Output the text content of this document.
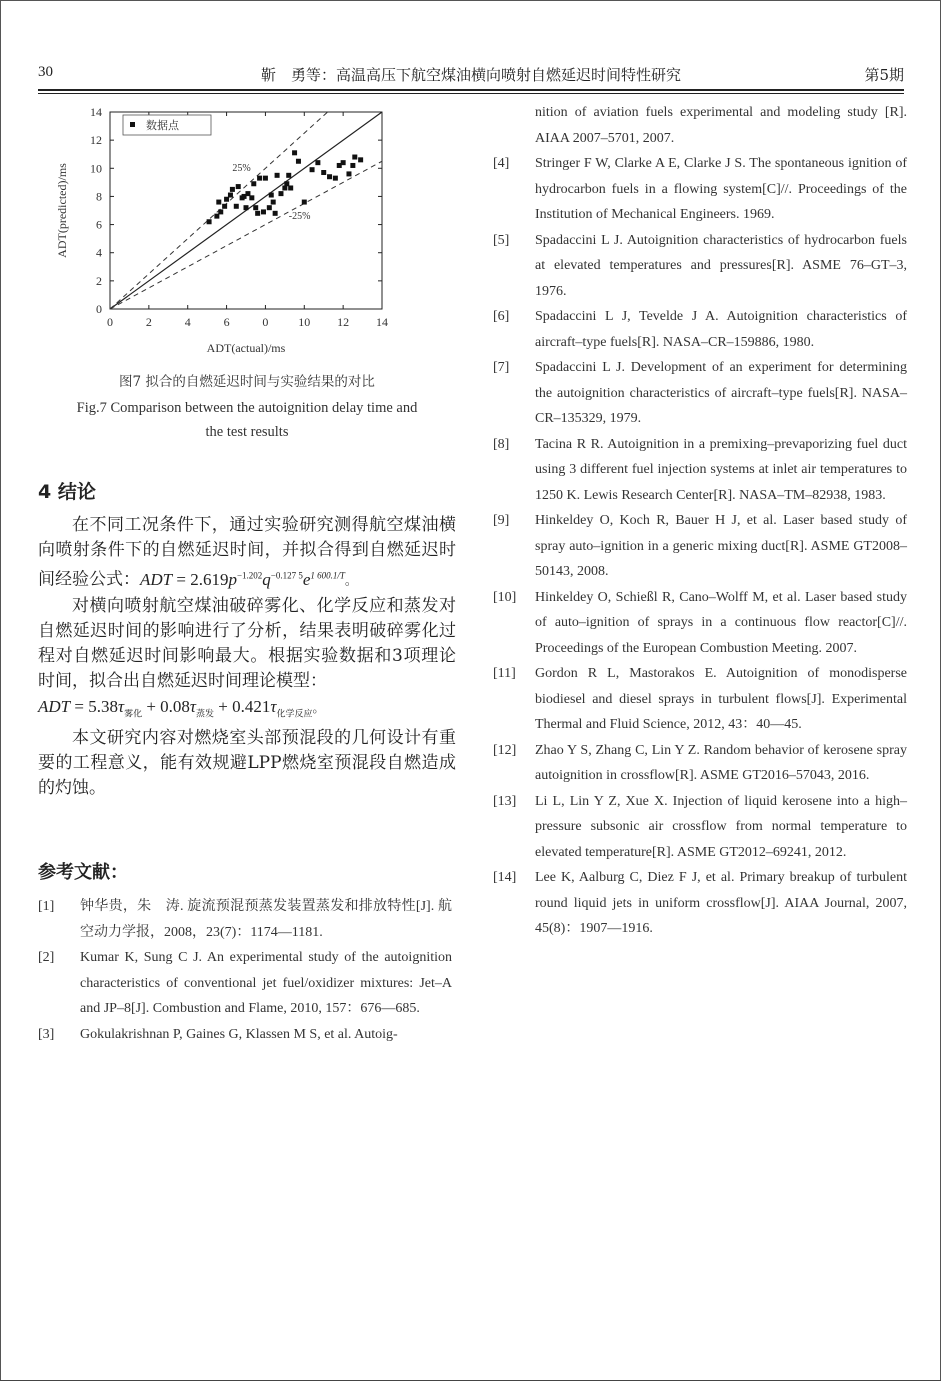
30	靳　勇等：高温高压下航空煤油横向喷射自燃延迟时间特性研究	第5期
0	2	4	6	0 10 12 14
0
2
4
6
8
10
12
14
数据点
25%
-25%
ADT(actual)/ms
ADT(predicted)/ms
图7 拟合的自燃延迟时间与实验结果的对比
Fig.7 Comparison between the autoignition delay time and
the test results
4 结论

在不同工况条件下，通过实验研究测得航空煤油横向喷射条件下的自燃延迟时间，并拟合得到自燃延迟时间经验公式：ADT = $2.619p^{-1.202}q^{-0.127 5}e^{1 600.1/T}$。

对横向喷射航空煤油破碎雾化、化学反应和蒸发对自燃延迟时间的影响进行了分析，结果表明破碎雾化过程对自燃延迟时间影响最大。根据实验数据和3项理论时间，拟合出自燃延迟时间理论模型：

ADT = $5.38\tau_{雾化} + 0.08\tau_{蒸发} + 0.421\tau_{化学反应}$。

本文研究内容对燃烧室头部预混段的几何设计有重要的工程意义，能有效规避LPP燃烧室预混段自燃造成的灼蚀。

参考文献：
[1] 钟华贵，朱　涛. 旋流预混预蒸发装置蒸发和排放特性[J]. 航空动力学报，2008，23(7)：1174—1181.
[2] Kumar K, Sung C J. An experimental study of the autoignition characteristics of conventional jet fuel/oxidizer mixtures: Jet–A and JP–8[J]. Combustion and Flame, 2010, 157：676—685.
[3] Gokulakrishnan P, Gaines G, Klassen M S, et al. Autoig-
nition of aviation fuels experimental and modeling study [R]. AIAA 2007–5701, 2007.
[4] Stringer F W, Clarke A E, Clarke J S. The spontaneous ignition of hydrocarbon fuels in a flowing system[C]//. Proceedings of the Institution of Mechanical Engineers. 1969.
[5] Spadaccini L J. Autoignition characteristics of hydrocarbon fuels at elevated temperatures and pressures[R]. ASME 76–GT–3, 1976.
[6] Spadaccini L J, Tevelde J A. Autoignition characteristics of aircraft–type fuels[R]. NASA–CR–159886, 1980.
[7] Spadaccini L J. Development of an experiment for determining the autoignition characteristics of aircraft–type fuels[R]. NASA–CR–135329, 1979.
[8] Tacina R R. Autoignition in a premixing–prevaporizing fuel duct using 3 different fuel injection systems at inlet air temperatures to 1250 K. Lewis Research Center[R]. NASA–TM–82938, 1983.
[9] Hinkeldey O, Koch R, Bauer H J, et al. Laser based study of spray auto–ignition in a generic mixing duct[R]. ASME GT2008–50143, 2008.
[10] Hinkeldey O, Schießl R, Cano–Wolff M, et al. Laser based study of auto–ignition of sprays in a continuous flow reactor[C]//. Proceedings of the European Combustion Meeting. 2007.
[11] Gordon R L, Mastorakos E. Autoignition of monodisperse biodiesel and diesel sprays in turbulent flows[J]. Experimental Thermal and Fluid Science, 2012, 43：40—45.
[12] Zhao Y S, Zhang C, Lin Y Z. Random behavior of kerosene spray autoignition in crossflow[R]. ASME GT2016–57043, 2016.
[13] Li L, Lin Y Z, Xue X. Injection of liquid kerosene into a high–pressure subsonic air crossflow from normal temperature to elevated temperature[R]. ASME GT2012–69241, 2012.
[14] Lee K, Aalburg C, Diez F J, et al. Primary breakup of turbulent round liquid jets in uniform crossflow[J]. AIAA Journal, 2007, 45(8)：1907—1916.
